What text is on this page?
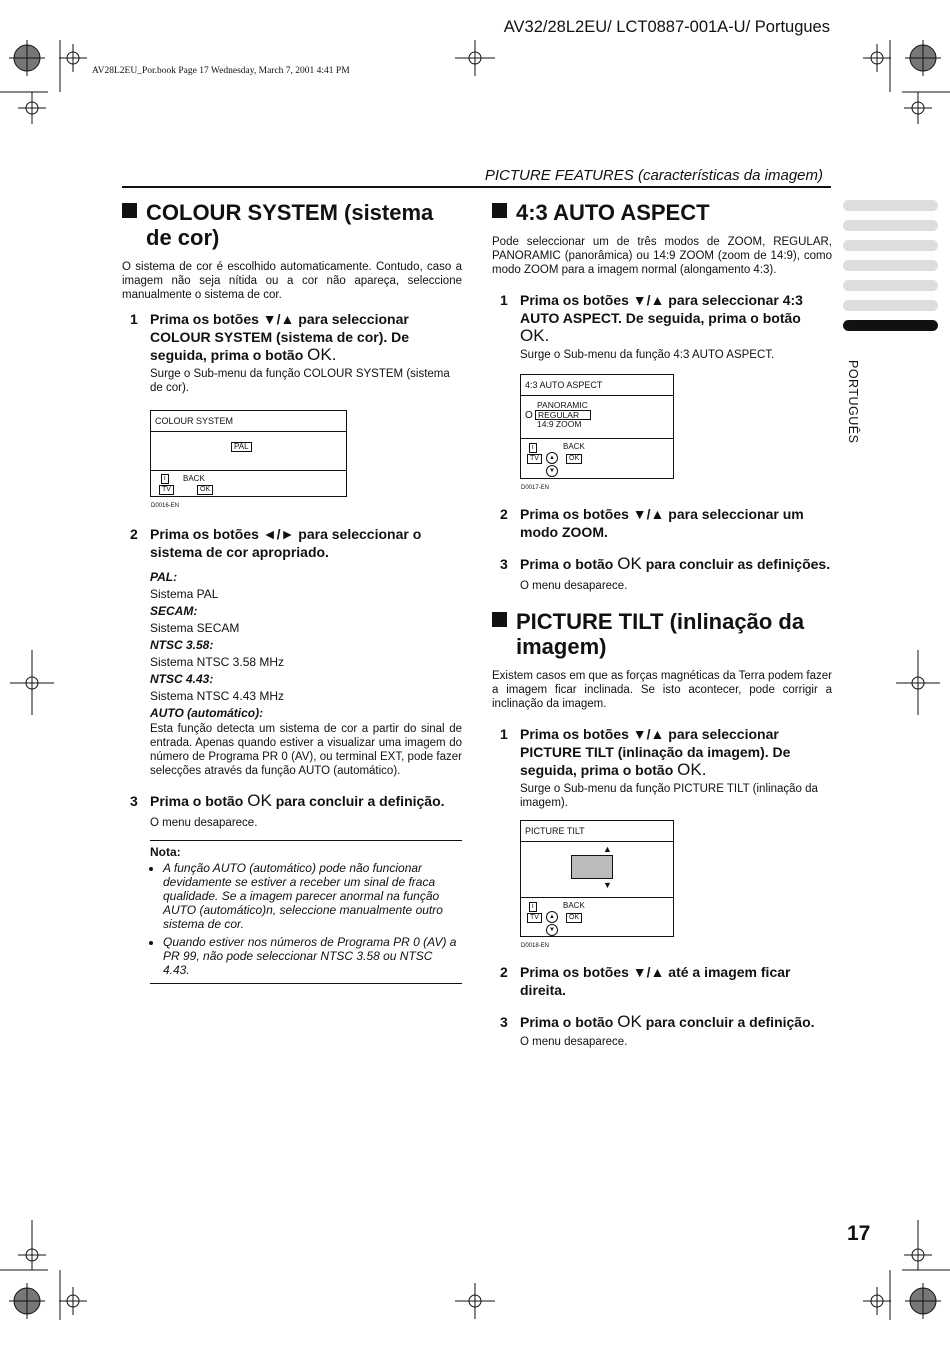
AV32/28L2EU/ LCT0887-001A-U/ Portugues
AV28L2EU_Por.book Page 17 Wednesday, March 7, 2001 4:41 PM
PICTURE FEATURES (características da imagem)
COLOUR SYSTEM (sistema de cor)

O sistema de cor é escolhido automaticamente. Contudo, caso a imagem não seja nítida ou a cor não apareça, seleccione manualmente o sistema de cor.

1 Prima os botões ▼/▲ para seleccionar COLOUR SYSTEM (sistema de cor). De seguida, prima o botão OK.

Surge o Sub-menu da função COLOUR SYSTEM (sistema de cor).

COLOUR SYSTEM
PAL
i	BACK
TV	OK
D0016-EN
2 Prima os botões ◄/► para seleccionar o sistema de cor apropriado.
PAL:
Sistema PAL
SECAM:
Sistema SECAM
NTSC 3.58:
Sistema NTSC 3.58 MHz
NTSC 4.43:
Sistema NTSC 4.43 MHz
AUTO (automático):
Esta função detecta um sistema de cor a partir do sinal de entrada. Apenas quando estiver a visualizar uma imagem do número de Programa PR 0 (AV), ou terminal EXT, pode fazer selecções através da função AUTO (automático).
3 Prima o botão OK para concluir a definição.

O menu desaparece.

Nota:
• A função AUTO (automático) pode não funcionar devidamente se estiver a receber um sinal de fraca qualidade. Se a imagem parecer anormal na função AUTO (automático)n, seleccione manualmente outro sistema de cor.
• Quando estiver nos números de Programa PR 0 (AV) a PR 99, não pode seleccionar NTSC 3.58 ou NTSC 4.43.
4:3 AUTO ASPECT

Pode seleccionar um de três modos de ZOOM, REGULAR, PANORAMIC (panorâmica) ou 14:9 ZOOM (zoom de 14:9), como modo ZOOM para a imagem normal (alongamento 4:3).

1 Prima os botões ▼/▲ para seleccionar 4:3 AUTO ASPECT. De seguida, prima o botão OK.

Surge o Sub-menu da função 4:3 AUTO ASPECT.

4:3 AUTO ASPECT
O
PANORAMIC
REGULAR
14:9 ZOOM
i	BACK
TV	▲
▼
OK
D0017-EN
2 Prima os botões ▼/▲ para seleccionar um modo ZOOM.
3 Prima o botão OK para concluir as definições.

O menu desaparece.

PICTURE TILT (inlinação da imagem)

Existem casos em que as forças magnéticas da Terra podem fazer a imagem ficar inclinada. Se isto acontecer, pode corrigir a inclinação da imagem.

1 Prima os botões ▼/▲ para seleccionar PICTURE TILT (inlinação da imagem). De seguida, prima o botão OK.

Surge o Sub-menu da função PICTURE TILT (inlinação da imagem).

PICTURE TILT
▲
▼
i	BACK
TV	▲
▼
OK
D0018-EN
2 Prima os botões ▼/▲ até a imagem ficar direita.
3 Prima o botão OK para concluir a definição.

O menu desaparece.

PORTUGUÊS
17
